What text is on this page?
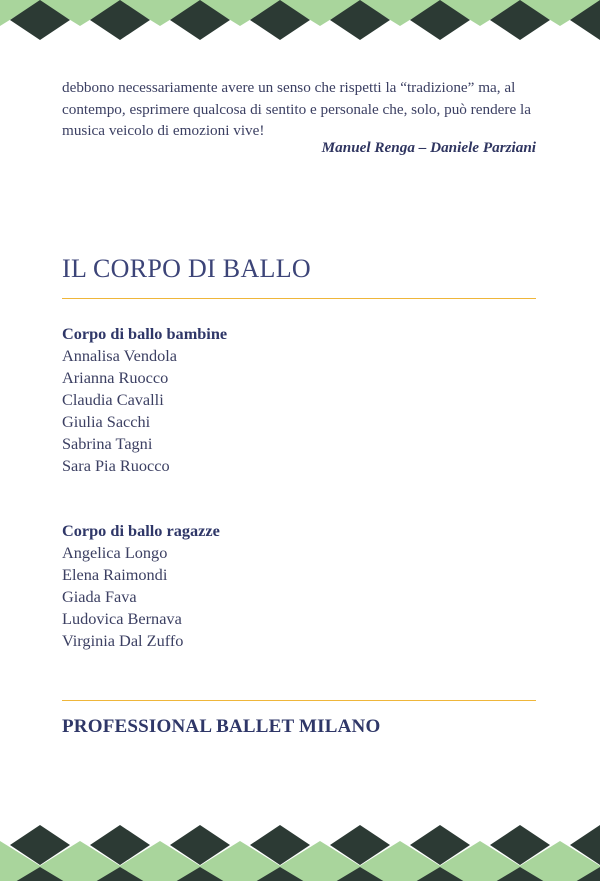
debbono necessariamente avere un senso che rispetti la “tradizione” ma, al contempo, esprimere qualcosa di sentito e personale che, solo, può rendere la musica veicolo di emozioni vive!

Manuel Renga – Daniele Parziani
IL CORPO DI BALLO
Corpo di ballo bambine
Annalisa Vendola
Arianna Ruocco
Claudia Cavalli
Giulia Sacchi
Sabrina Tagni
Sara Pia Ruocco
Corpo di ballo ragazze
Angelica Longo
Elena Raimondi
Giada Fava
Ludovica Bernava
Virginia Dal Zuffo
PROFESSIONAL BALLET MILANO
